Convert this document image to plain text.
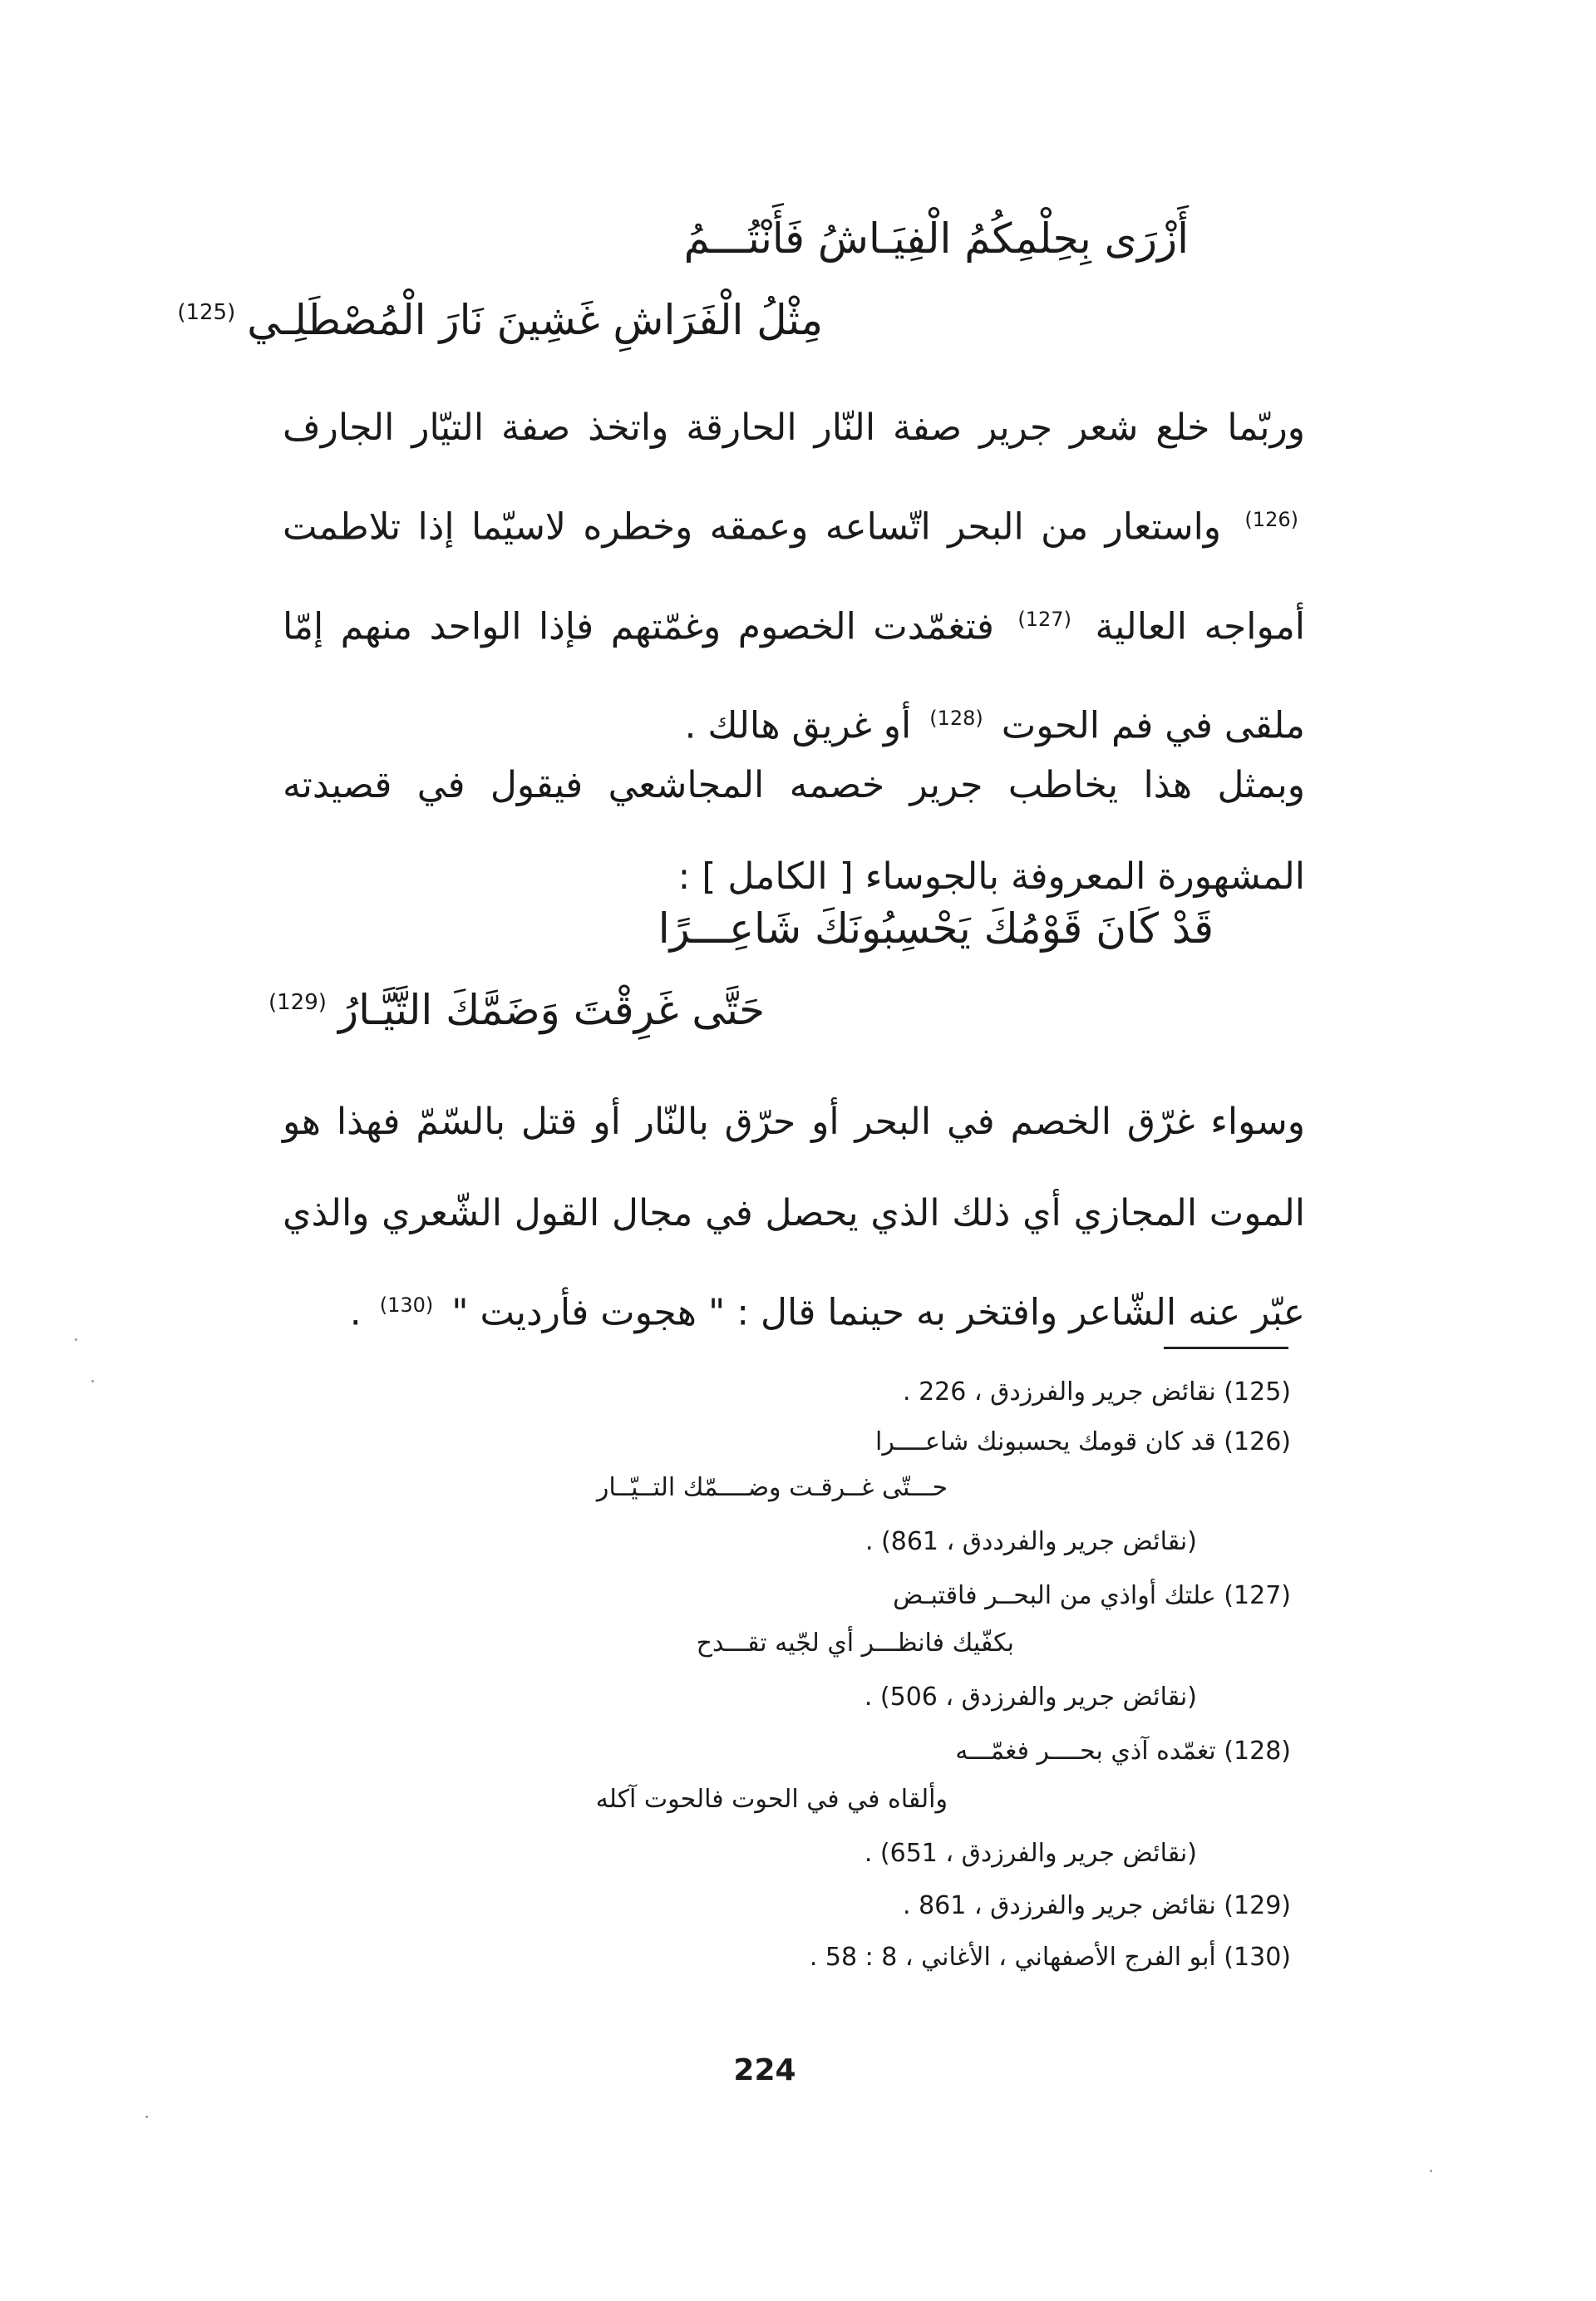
أَزْرَى بِحِلْمِكُمُ الْفِيَـاشُ فَأَنْتُـــمُ
مِثْلُ الْفَرَاشِ غَشِينَ نَارَ الْمُصْطَلِـي$^{(125)}$
وربّما خلع شعر جرير صفة النّار الحارقة واتخذ صفة التيّار الجارف $^{(126)}$ واستعار من البحر اتّساعه وعمقه وخطره لاسيّما إذا تلاطمت أمواجه العالية $^{(127)}$ فتغمّدت الخصوم وغمّتهم فإذا الواحد منهم إمّا ملقى في فم الحوت $^{(128)}$ أو غريق هالك .
وبمثل هذا يخاطب جرير خصمه المجاشعي فيقول في قصيدته المشهورة المعروفة بالجوساء [ الكامل ] :
قَدْ كَانَ قَوْمُكَ يَحْسِبُونَكَ شَاعِـــرًا
حَتَّى غَرِقْتَ وَضَمَّكَ التَّيَّـارُ$^{(129)}$
وسواء غرّق الخصم في البحر أو حرّق بالنّار أو قتل بالسّمّ فهذا هو الموت المجازي أي ذلك الذي يحصل في مجال القول الشّعري والذي عبّر عنه الشّاعر وافتخر به حينما قال : " هجوت فأرديت " $^{(130)}$ .
(125) نقائض جرير والفرزدق ، 226 .
(126) قد كان قومك يحسبونك شاعــــرا
حـــتّى غــرقـت وضــــمّك التــيّــار
(نقائض جرير والفرددق ، 861) .
(127) علتك أواذي من البحــر فاقتبـض
بكفّيك فانظـــر أي لجّيه تقـــدح
(نقائض جرير والفرزدق ، 506) .
(128) تغمّده آذي بحــــر فغمّـــه
وألقاه في في الحوت فالحوت آكله
(نقائض جرير والفرزدق ، 651) .
(129) نقائض جرير والفرزدق ، 861 .
(130) أبو الفرج الأصفهاني ، الأغاني ، 8 : 58 .
224
